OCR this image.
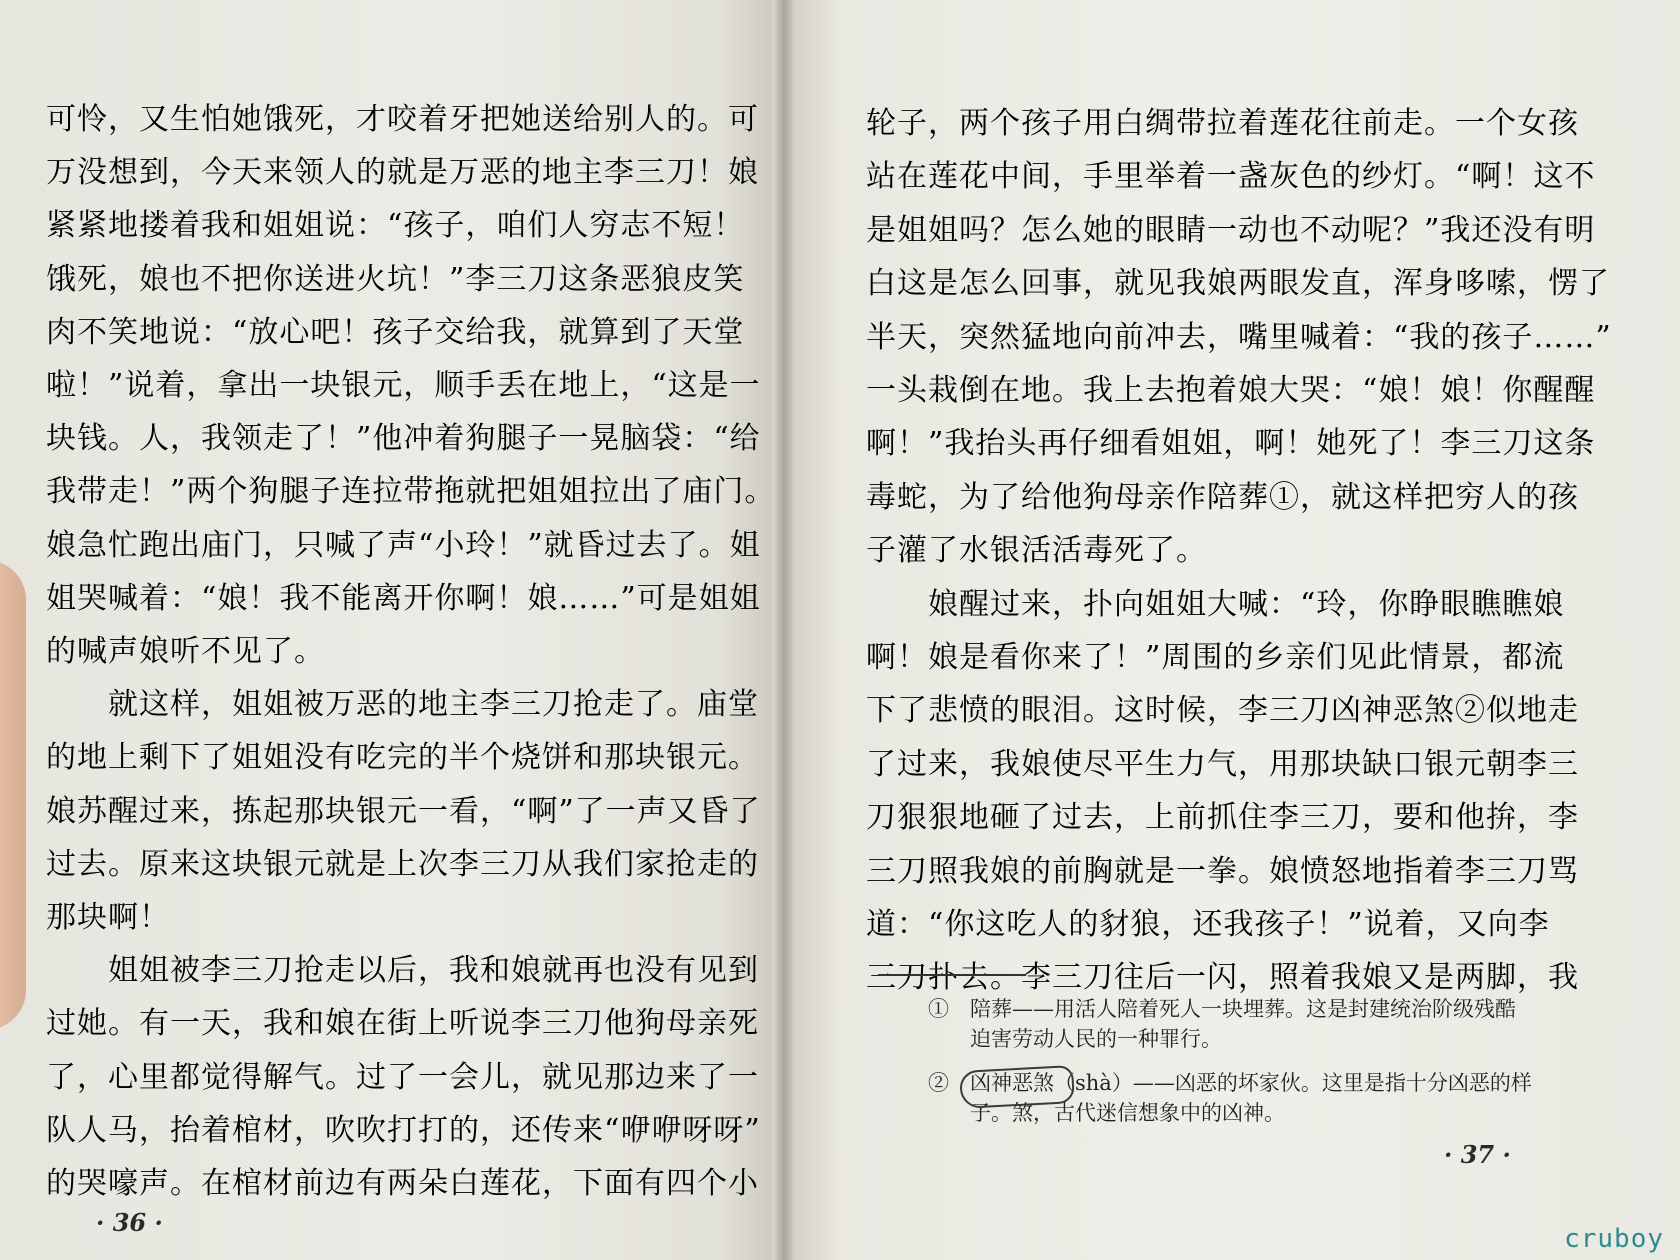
可怜，又生怕她饿死，才咬着牙把她送给别人的。可
万没想到，今天来领人的就是万恶的地主李三刀！娘
紧紧地搂着我和姐姐说：“孩子，咱们人穷志不短！
饿死，娘也不把你送进火坑！”李三刀这条恶狼皮笑
肉不笑地说：“放心吧！孩子交给我，就算到了天堂
啦！”说着，拿出一块银元，顺手丢在地上，“这是一
块钱。人，我领走了！”他冲着狗腿子一晃脑袋：“给
我带走！”两个狗腿子连拉带拖就把姐姐拉出了庙门。
娘急忙跑出庙门，只喊了声“小玲！”就昏过去了。姐
姐哭喊着：“娘！我不能离开你啊！娘……”可是姐姐
的喊声娘听不见了。
　　就这样，姐姐被万恶的地主李三刀抢走了。庙堂
的地上剩下了姐姐没有吃完的半个烧饼和那块银元。
娘苏醒过来，拣起那块银元一看，“啊”了一声又昏了
过去。原来这块银元就是上次李三刀从我们家抢走的
那块啊！
　　姐姐被李三刀抢走以后，我和娘就再也没有见到
过她。有一天，我和娘在街上听说李三刀他狗母亲死
了，心里都觉得解气。过了一会儿，就见那边来了一
队人马，抬着棺材，吹吹打打的，还传来“咿咿呀呀”
的哭嚎声。在棺材前边有两朵白莲花，下面有四个小
轮子，两个孩子用白绸带拉着莲花往前走。一个女孩
站在莲花中间，手里举着一盏灰色的纱灯。“啊！这不
是姐姐吗？怎么她的眼睛一动也不动呢？”我还没有明
白这是怎么回事，就见我娘两眼发直，浑身哆嗦，愣了
半天，突然猛地向前冲去，嘴里喊着：“我的孩子……”
一头栽倒在地。我上去抱着娘大哭：“娘！娘！你醒醒
啊！”我抬头再仔细看姐姐，啊！她死了！李三刀这条
毒蛇，为了给他狗母亲作陪葬①，就这样把穷人的孩
子灌了水银活活毒死了。
　　娘醒过来，扑向姐姐大喊：“玲，你睁眼瞧瞧娘
啊！娘是看你来了！”周围的乡亲们见此情景，都流
下了悲愤的眼泪。这时候，李三刀凶神恶煞②似地走
了过来，我娘使尽平生力气，用那块缺口银元朝李三
刀狠狠地砸了过去，上前抓住李三刀，要和他拚，李
三刀照我娘的前胸就是一拳。娘愤怒地指着李三刀骂
道：“你这吃人的豺狼，还我孩子！”说着，又向李
三刀扑去。李三刀往后一闪，照着我娘又是两脚，我
①　陪葬——用活人陪着死人一块埋葬。这是封建统治阶级残酷
　　迫害劳动人民的一种罪行。
②　凶神恶煞（shà）——凶恶的坏家伙。这里是指十分凶恶的样
　　子。煞，古代迷信想象中的凶神。
· 36 ·
· 37 ·
cruboy
